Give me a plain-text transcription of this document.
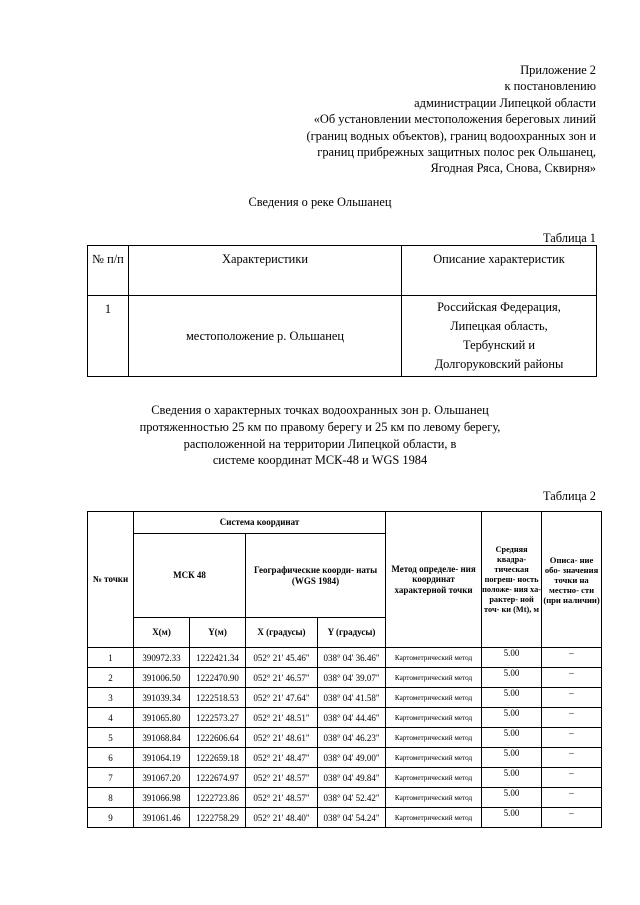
Приложение 2
к постановлению
администрации Липецкой области
«Об установлении местоположения береговых линий
(границ водных объектов), границ водоохранных зон и
границ прибрежных защитных полос рек Ольшанец,
Ягодная Ряса, Снова, Сквирня»
Сведения о реке Ольшанец
Таблица 1
№ п/п	Характеристики	Описание характеристик
1	местоположение р. Ольшанец	Российская Федерация,
Липецкая область,
Тербунский и
Долгоруковский районы
Сведения о характерных точках водоохранных зон р. Ольшанец
протяженностью 25 км по правому берегу и 25 км по левому берегу,
расположенной на территории Липецкой области, в
системе координат МСК-48 и WGS 1984
Таблица 2
№ точки	Система координат				Метод определе- ния координат характерной точки	Средняя квадра- тическая погреш- ность положе- ния ха- рактер- ной точ- ки (Mt), м	Описа- ние обо- значения точки на местно- сти (при наличии)
	МСК 48		Географические коорди- наты (WGS 1984)				
	X(м)	Y(м)	X (градусы)	Y (градусы)			
1	390972.33	1222421.34	052° 21' 45.46"	038° 04' 36.46"	Картометрический метод	5.00	–
2	391006.50	1222470.90	052° 21' 46.57"	038° 04' 39.07"	Картометрический метод	5.00	–
3	391039.34	1222518.53	052° 21' 47.64"	038° 04' 41.58"	Картометрический метод	5.00	–
4	391065.80	1222573.27	052° 21' 48.51"	038° 04' 44.46"	Картометрический метод	5.00	–
5	391068.84	1222606.64	052° 21' 48.61"	038° 04' 46.23"	Картометрический метод	5.00	–
6	391064.19	1222659.18	052° 21' 48.47"	038° 04' 49.00"	Картометрический метод	5.00	–
7	391067.20	1222674.97	052° 21' 48.57"	038° 04' 49.84"	Картометрический метод	5.00	–
8	391066.98	1222723.86	052° 21' 48.57"	038° 04' 52.42"	Картометрический метод	5.00	–
9	391061.46	1222758.29	052° 21' 48.40"	038° 04' 54.24"	Картометрический метод	5.00	–
